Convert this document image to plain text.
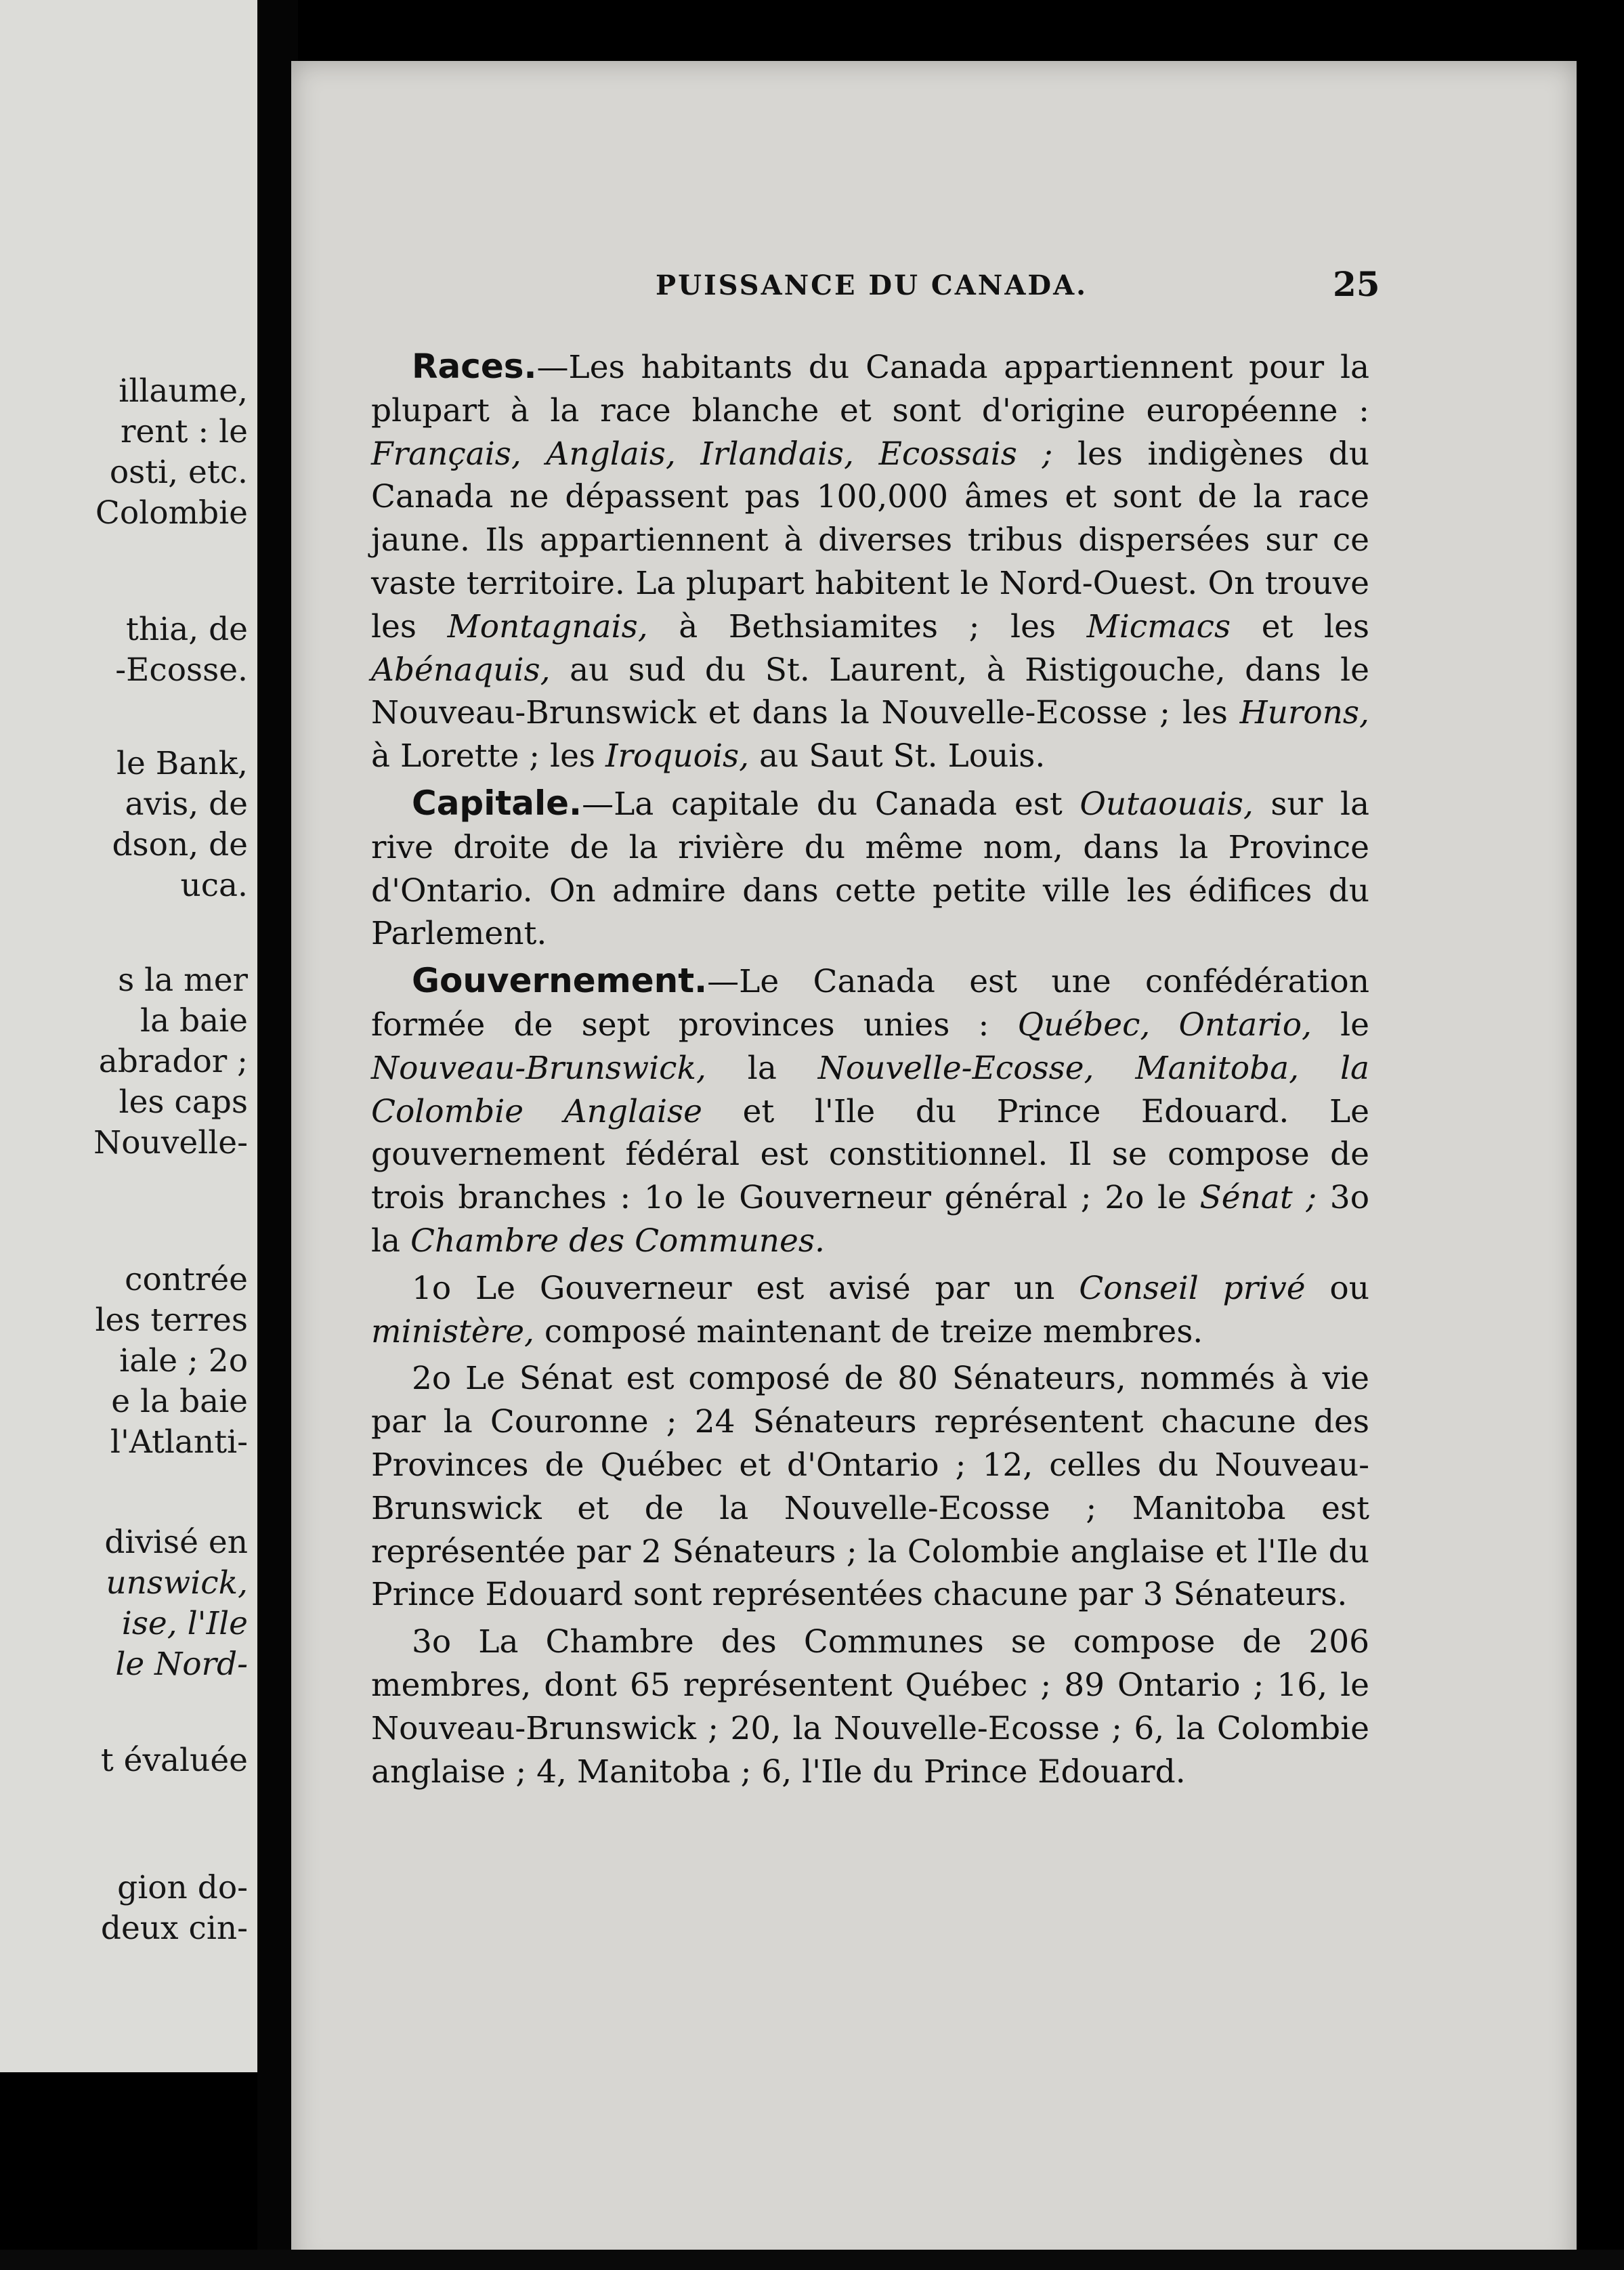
illaume,

rent : le

osti, etc.

Colombie

thia, de

-Ecosse.

le Bank,

avis, de

dson, de

uca.

s la mer

la baie

abrador ;

les caps

Nouvelle-

contrée

les terres

iale ; 2o

e la baie

l'Atlanti-

divisé en

unswick,

ise, l'Ile

le Nord-

t évaluée

gion do-

deux cin-

PUISSANCE DU CANADA.	25

Races.—Les habitants du Canada appartiennent pour la plupart à la race blanche et sont d'origine européenne : Français, Anglais, Irlandais, Ecossais ; les indigènes du Canada ne dépassent pas 100,000 âmes et sont de la race jaune. Ils appartiennent à diverses tribus dispersées sur ce vaste territoire. La plupart habitent le Nord-Ouest. On trouve les Montagnais, à Bethsiamites ; les Micmacs et les Abénaquis, au sud du St. Laurent, à Ristigouche, dans le Nouveau-Brunswick et dans la Nouvelle-Ecosse ; les Hurons, à Lorette ; les Iroquois, au Saut St. Louis.

Capitale.—La capitale du Canada est Outaouais, sur la rive droite de la rivière du même nom, dans la Province d'Ontario. On admire dans cette petite ville les édifices du Parlement.

Gouvernement.—Le Canada est une confédération formée de sept provinces unies : Québec, Ontario, le Nouveau-Brunswick, la Nouvelle-Ecosse, Manitoba, la Colombie Anglaise et l'Ile du Prince Edouard. Le gouvernement fédéral est constitionnel. Il se compose de trois branches : 1o le Gouverneur général ; 2o le Sénat ; 3o la Chambre des Communes.

1o Le Gouverneur est avisé par un Conseil privé ou ministère, composé maintenant de treize membres.

2o Le Sénat est composé de 80 Sénateurs, nommés à vie par la Couronne ; 24 Sénateurs représentent chacune des Provinces de Québec et d'Ontario ; 12, celles du Nouveau-Brunswick et de la Nouvelle-Ecosse ; Manitoba est représentée par 2 Sénateurs ; la Colombie anglaise et l'Ile du Prince Edouard sont représentées chacune par 3 Sénateurs.

3o La Chambre des Communes se compose de 206 membres, dont 65 représentent Québec ; 89 Ontario ; 16, le Nouveau-Brunswick ; 20, la Nouvelle-Ecosse ; 6, la Colombie anglaise ; 4, Manitoba ; 6, l'Ile du Prince Edouard.
